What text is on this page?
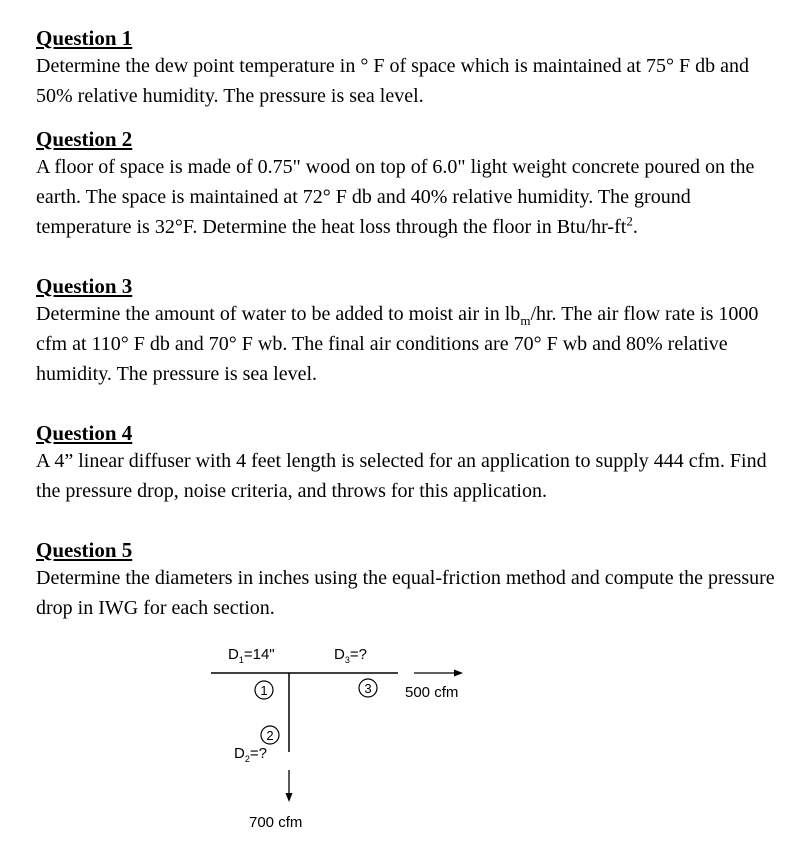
Question 1

Determine the dew point temperature in ° F of space which is maintained at 75° F db and 50% relative humidity. The pressure is sea level.

Question 2

A floor of space is made of 0.75" wood on top of 6.0" light weight concrete poured on the earth. The space is maintained at 72° F db and 40% relative humidity. The ground temperature is 32°F. Determine the heat loss through the floor in Btu/$hr-ft^2$.

Question 3

Determine the amount of water to be added to moist air in $lb_m/hr$. The air flow rate is 1000 cfm at 110° F db and 70° F wb. The final air conditions are 70° F wb and 80% relative humidity. The pressure is sea level.

Question 4

A 4” linear diffuser with 4 feet length is selected for an application to supply 444 cfm. Find the pressure drop, noise criteria, and throws for this application.

Question 5

Determine the diameters in inches using the equal-friction method and compute the pressure drop in IWG for each section.

$D_1=14$"	$D_3=$?
$D_2=$?
1
2
3 500 cfm
700 cfm
